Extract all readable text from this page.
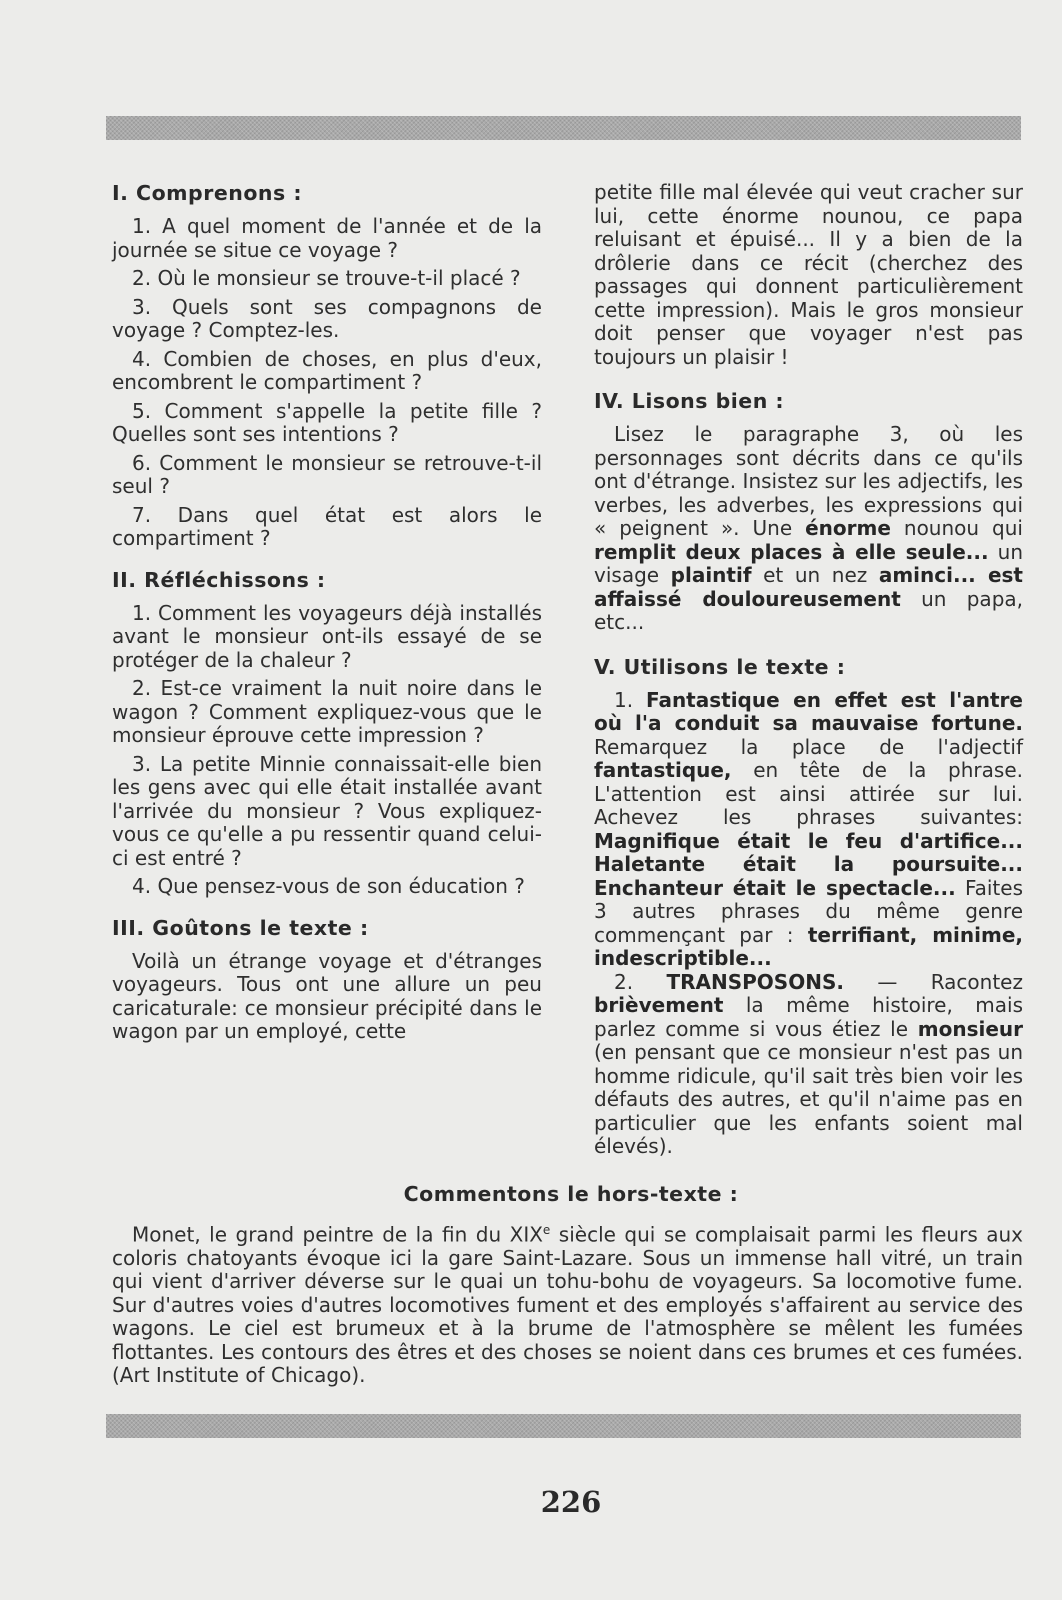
I. Comprenons :

1. A quel moment de l'année et de la journée se situe ce voyage ?

2. Où le monsieur se trouve-t-il placé ?

3. Quels sont ses compagnons de voyage ? Comptez-les.

4. Combien de choses, en plus d'eux, encombrent le compartiment ?

5. Comment s'appelle la petite fille ? Quelles sont ses intentions ?

6. Comment le monsieur se retrouve-t-il seul ?

7. Dans quel état est alors le compartiment ?

II. Réfléchissons :

1. Comment les voyageurs déjà installés avant le monsieur ont-ils essayé de se protéger de la chaleur ?

2. Est-ce vraiment la nuit noire dans le wagon ? Comment expliquez-vous que le monsieur éprouve cette impression ?

3. La petite Minnie connaissait-elle bien les gens avec qui elle était installée avant l'arrivée du monsieur ? Vous expliquez-vous ce qu'elle a pu ressentir quand celui-ci est entré ?

4. Que pensez-vous de son éducation ?

III. Goûtons le texte :

Voilà un étrange voyage et d'étranges voyageurs. Tous ont une allure un peu caricaturale: ce monsieur précipité dans le wagon par un employé, cette

petite fille mal élevée qui veut cracher sur lui, cette énorme nounou, ce papa reluisant et épuisé... Il y a bien de la drôlerie dans ce récit (cherchez des passages qui donnent particulièrement cette impression). Mais le gros monsieur doit penser que voyager n'est pas toujours un plaisir !

IV. Lisons bien :

Lisez le paragraphe 3, où les personnages sont décrits dans ce qu'ils ont d'étrange. Insistez sur les adjectifs, les verbes, les adverbes, les expressions qui « peignent ». Une énorme nounou qui remplit deux places à elle seule... un visage plaintif et un nez aminci... est affaissé douloureusement un papa, etc...

V. Utilisons le texte :

1. Fantastique en effet est l'antre où l'a conduit sa mauvaise fortune. Remarquez la place de l'adjectif fantastique, en tête de la phrase. L'attention est ainsi attirée sur lui. Achevez les phrases suivantes: Magnifique était le feu d'artifice... Haletante était la poursuite... Enchanteur était le spectacle... Faites 3 autres phrases du même genre commençant par : terrifiant, minime, indescriptible...

2. TRANSPOSONS. — Racontez brièvement la même histoire, mais parlez comme si vous étiez le monsieur (en pensant que ce monsieur n'est pas un homme ridicule, qu'il sait très bien voir les défauts des autres, et qu'il n'aime pas en particulier que les enfants soient mal élevés).

Commentons le hors-texte :

Monet, le grand peintre de la fin du XIXe siècle qui se complaisait parmi les fleurs aux coloris chatoyants évoque ici la gare Saint-Lazare. Sous un immense hall vitré, un train qui vient d'arriver déverse sur le quai un tohu-bohu de voyageurs. Sa locomotive fume. Sur d'autres voies d'autres locomotives fument et des employés s'affairent au service des wagons. Le ciel est brumeux et à la brume de l'atmosphère se mêlent les fumées flottantes. Les contours des êtres et des choses se noient dans ces brumes et ces fumées. (Art Institute of Chicago).

226
